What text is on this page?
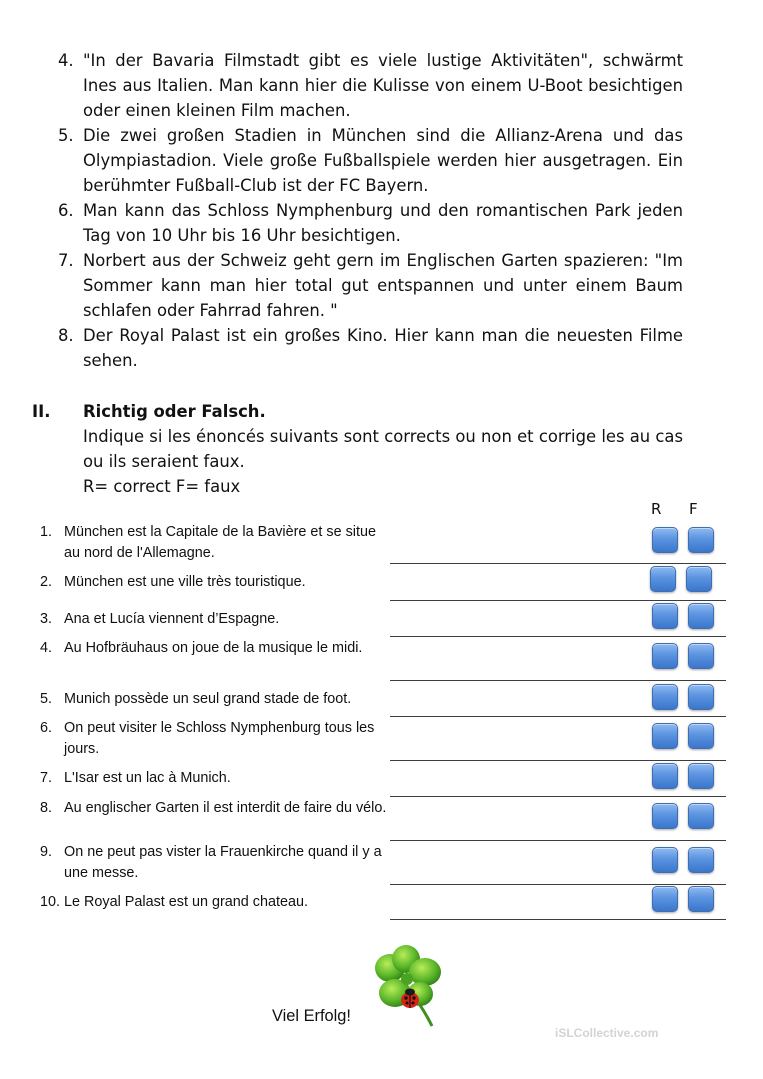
4. "In der Bavaria Filmstadt gibt es viele lustige Aktivitäten", schwärmt Ines aus Italien. Man kann hier die Kulisse von einem U-Boot besichtigen oder einen kleinen Film machen.
5. Die zwei großen Stadien in München sind die Allianz-Arena und das Olympiastadion. Viele große Fußballspiele werden hier ausgetragen. Ein berühmter Fußball-Club ist der FC Bayern.
6. Man kann das Schloss Nymphenburg und den romantischen Park jeden Tag von 10 Uhr bis 16 Uhr besichtigen.
7. Norbert aus der Schweiz geht gern im Englischen Garten spazieren: "Im Sommer kann man hier total gut entspannen und unter einem Baum schlafen oder Fahrrad fahren. "
8. Der Royal Palast ist ein großes Kino. Hier kann man die neuesten Filme sehen.
II. Richtig oder Falsch.
Indique si les énoncés suivants sont corrects ou non et corrige les au cas ou ils seraient faux.
R= correct F= faux
R F
1. München est la Capitale de la Bavière et se situe au nord de l'Allemagne.
2. München est une ville très touristique.
3. Ana et Lucía viennent d’Espagne.
4. Au Hofbräuhaus on joue de la musique le midi.
5. Munich possède un seul grand stade de foot.
6. On peut visiter le Schloss Nymphenburg tous les jours.
7. L'Isar est un lac à Munich.
8. Au englischer Garten il est interdit de faire du vélo.
9. On ne peut pas vister la Frauenkirche quand il y a une messe.
10. Le Royal Palast est un grand chateau.
Viel Erfolg!
iSLCollective.com
